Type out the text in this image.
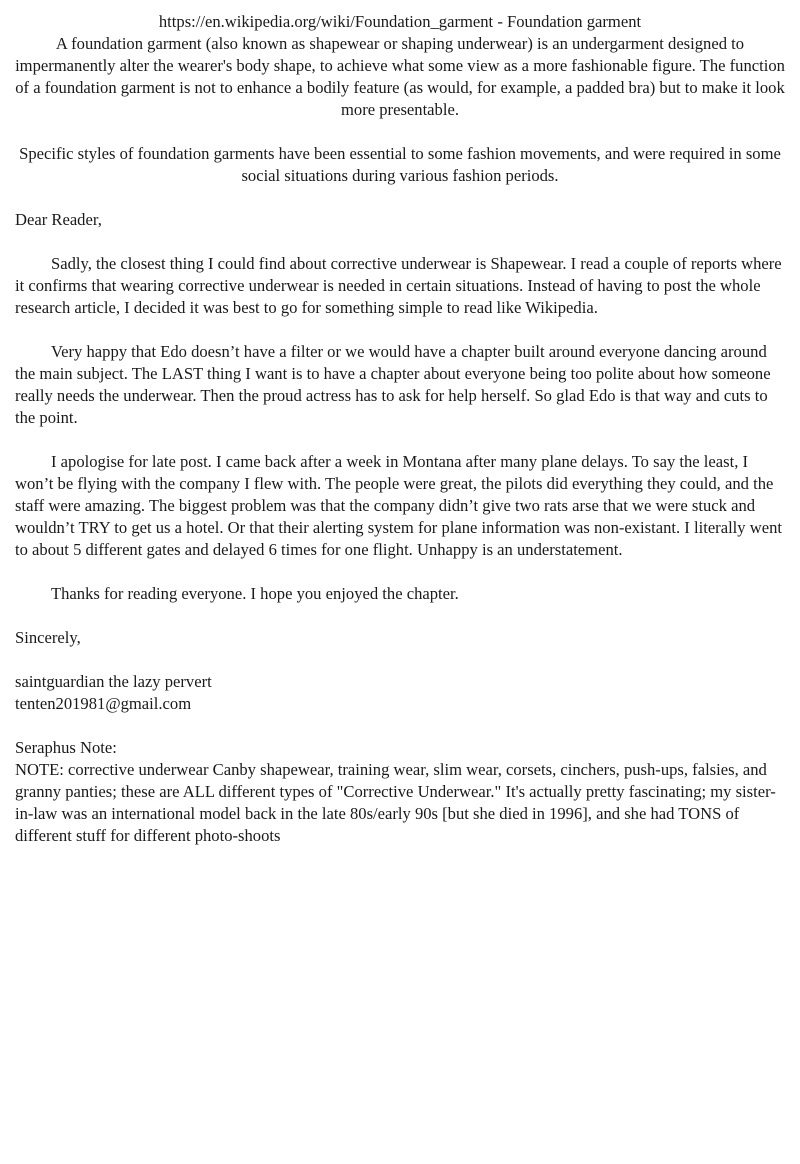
https://en.wikipedia.org/wiki/Foundation_garment - Foundation garment

A foundation garment (also known as shapewear or shaping underwear) is an undergarment designed to impermanently alter the wearer's body shape, to achieve what some view as a more fashionable figure. The function of a foundation garment is not to enhance a bodily feature (as would, for example, a padded bra) but to make it look more presentable.

Specific styles of foundation garments have been essential to some fashion movements, and were required in some social situations during various fashion periods.

Dear Reader,

Sadly, the closest thing I could find about corrective underwear is Shapewear. I read a couple of reports where it confirms that wearing corrective underwear is needed in certain situations. Instead of having to post the whole research article, I decided it was best to go for something simple to read like Wikipedia.

Very happy that Edo doesn’t have a filter or we would have a chapter built around everyone dancing around the main subject. The LAST thing I want is to have a chapter about everyone being too polite about how someone really needs the underwear. Then the proud actress has to ask for help herself. So glad Edo is that way and cuts to the point.

I apologise for late post. I came back after a week in Montana after many plane delays. To say the least, I won’t be flying with the company I flew with. The people were great, the pilots did everything they could, and the staff were amazing. The biggest problem was that the company didn’t give two rats arse that we were stuck and wouldn’t TRY to get us a hotel. Or that their alerting system for plane information was non-existant. I literally went to about 5 different gates and delayed 6 times for one flight. Unhappy is an understatement.

Thanks for reading everyone. I hope you enjoyed the chapter.

Sincerely,

saintguardian the lazy pervert

tenten201981@gmail.com

Seraphus Note:

NOTE: corrective underwear Canby shapewear, training wear, slim wear, corsets, cinchers, push-ups, falsies, and granny panties; these are ALL different types of "Corrective Underwear." It's actually pretty fascinating; my sister-in-law was an international model back in the late 80s/early 90s [but she died in 1996], and she had TONS of different stuff for different photo-shoots
